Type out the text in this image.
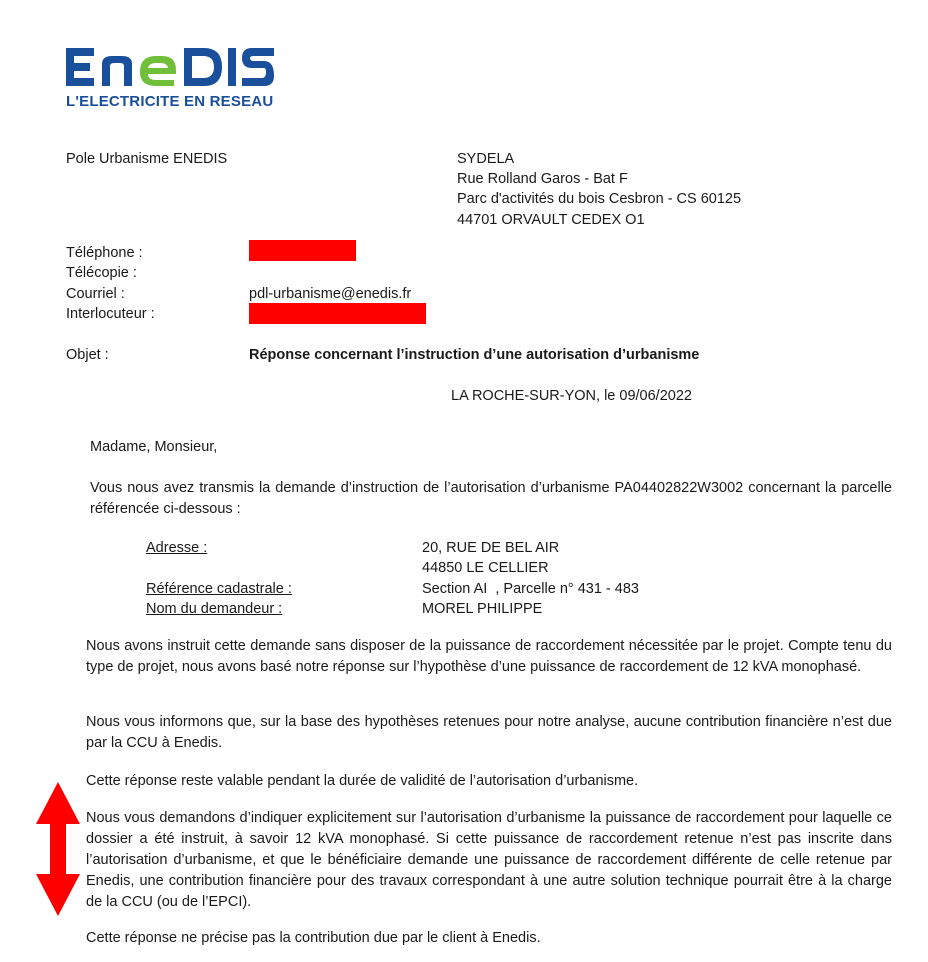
L'ELECTRICITE EN RESEAU
Pole Urbanisme ENEDIS	SYDELA
Rue Rolland Garos - Bat F
Parc d'activités du bois Cesbron - CS 60125
44701 ORVAULT CEDEX O1
Téléphone :
Télécopie :
Courriel :	pdl-urbanisme@enedis.fr
Interlocuteur :
Objet :	Réponse concernant l’instruction d’une autorisation d’urbanisme
LA ROCHE-SUR-YON, le 09/06/2022
Madame, Monsieur,
Vous nous avez transmis la demande d’instruction de l’autorisation d’urbanisme PA04402822W3002 concernant la parcelle référencée ci-dessous :
Adresse :	20, RUE DE BEL AIR
44850 LE CELLIER
Référence cadastrale :	Section AI  , Parcelle n° 431 - 483
Nom du demandeur :	MOREL PHILIPPE
Nous avons instruit cette demande sans disposer de la puissance de raccordement nécessitée par le projet. Compte tenu du type de projet, nous avons basé notre réponse sur l’hypothèse d’une puissance de raccordement de 12 kVA monophasé.
Nous vous informons que, sur la base des hypothèses retenues pour notre analyse, aucune contribution financière n’est due par la CCU à Enedis.
Cette réponse reste valable pendant la durée de validité de l’autorisation d’urbanisme.
Nous vous demandons d’indiquer explicitement sur l’autorisation d’urbanisme la puissance de raccordement pour laquelle ce dossier a été instruit, à savoir 12 kVA monophasé. Si cette puissance de raccordement retenue n’est pas inscrite dans l’autorisation d’urbanisme, et que le bénéficiaire demande une puissance de raccordement différente de celle retenue par Enedis, une contribution financière pour des travaux correspondant à une autre solution technique pourrait être à la charge de la CCU (ou de l’EPCI).
Cette réponse ne précise pas la contribution due par le client à Enedis.
